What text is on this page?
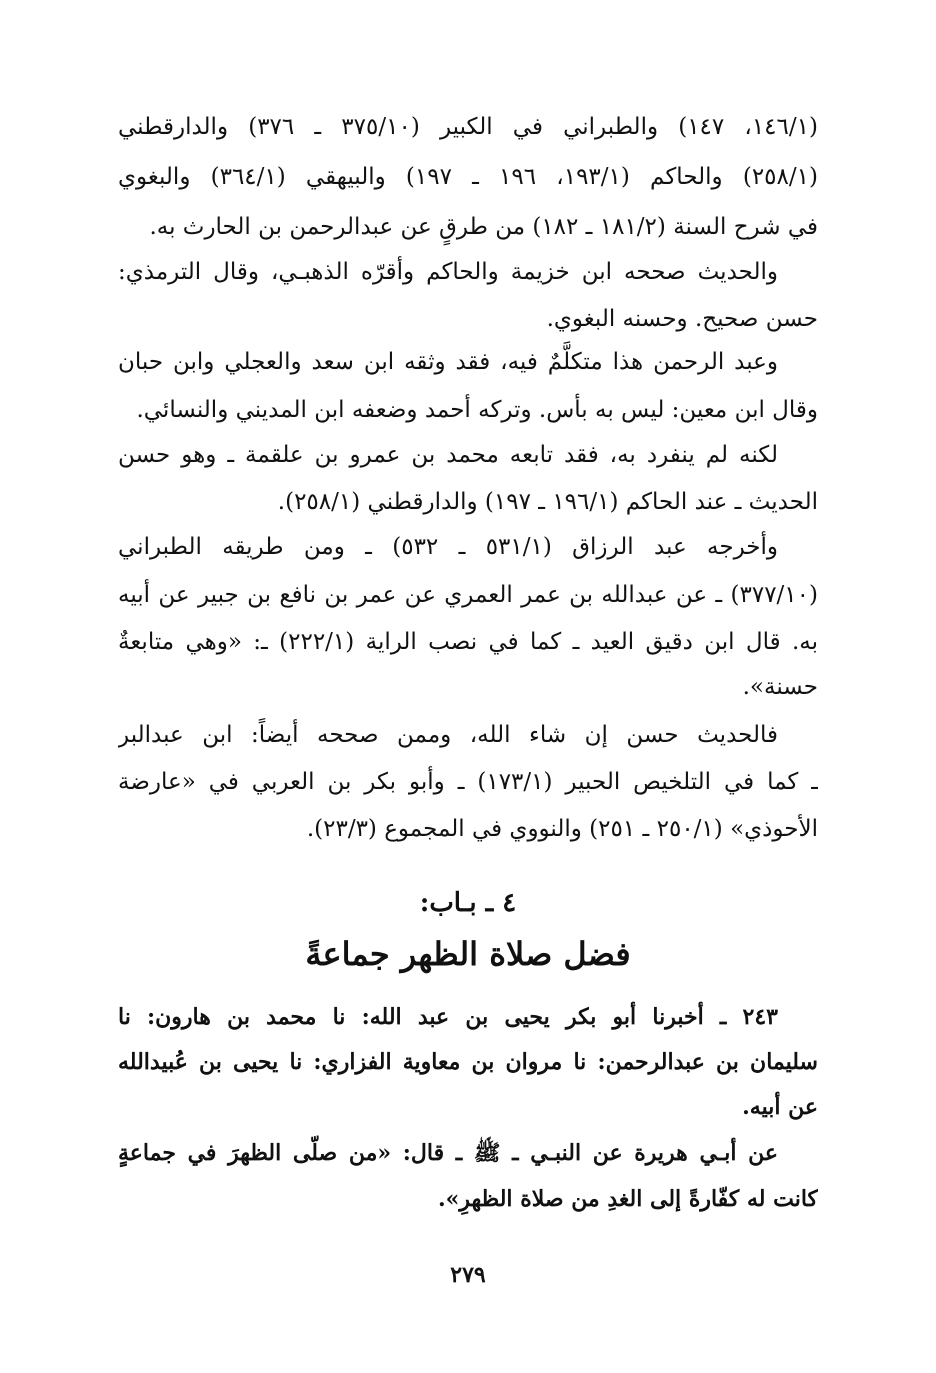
(١٤٦/١، ١٤٧) والطبراني في الكبير (٣٧٥/١٠ ـ ٣٧٦) والدارقطني
(٢٥٨/١) والحاكم (١٩٣/١، ١٩٦ ـ ١٩٧) والبيهقي (٣٦٤/١) والبغوي
في شرح السنة (١٨١/٢ ـ ١٨٢) من طرقٍ عن عبدالرحمن بن الحارث به.
والحديث صححه ابن خزيمة والحاكم وأقرّه الذهبـي، وقال الترمذي:
حسن صحيح. وحسنه البغوي.
وعبد الرحمن هذا متكلَّمٌ فيه، فقد وثقه ابن سعد والعجلي وابن حبان
وقال ابن معين: ليس به بأس. وتركه أحمد وضعفه ابن المديني والنسائي.
لكنه لم ينفرد به، فقد تابعه محمد بن عمرو بن علقمة ـ وهو حسن
الحديث ـ عند الحاكم (١٩٦/١ ـ ١٩٧) والدارقطني (٢٥٨/١).
وأخرجه عبد الرزاق (٥٣١/١ ـ ٥٣٢) ـ ومن طريقه الطبراني
(٣٧٧/١٠) ـ عن عبدالله بن عمر العمري عن عمر بن نافع بن جبير عن أبيه
به. قال ابن دقيق العيد ـ كما في نصب الراية (٢٢٢/١) ـ: «وهي متابعةٌ
حسنة».
فالحديث حسن إن شاء الله، وممن صححه أيضاً: ابن عبدالبر
ـ كما في التلخيص الحبير (١٧٣/١) ـ وأبو بكر بن العربي في «عارضة
الأحوذي» (٢٥٠/١ ـ ٢٥١) والنووي في المجموع (٢٣/٣).
٤ ـ بـاب:
فضل صلاة الظهر جماعةً
٢٤٣ ـ أخبرنا أبو بكر يحيى بن عبد الله: نا محمد بن هارون: نا
سليمان بن عبدالرحمن: نا مروان بن معاوية الفزاري: نا يحيى بن عُبيدالله
عن أبيه.
عن أبـي هريرة عن النبـي ـ ﷺ ـ قال: «من صلّى الظهرَ في جماعةٍ
كانت له كفّارةً إلى الغدِ من صلاة الظهرِ».
٢٧٩
